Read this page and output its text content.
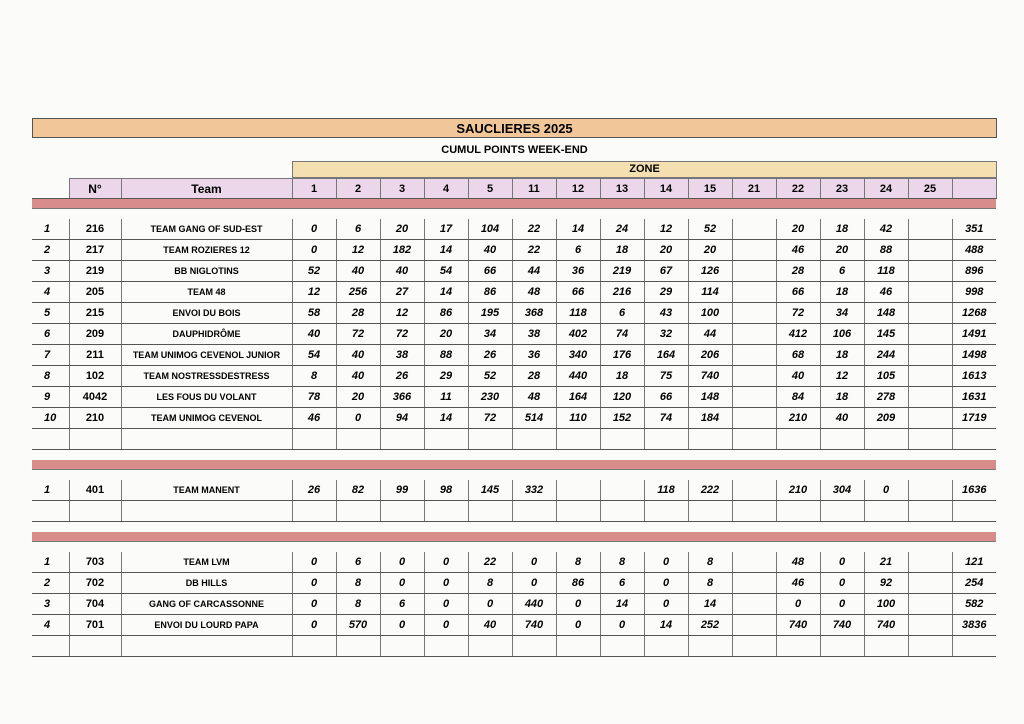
SAUCLIERES 2025
CUMUL POINTS WEEK-END
ZONE
	N°	Team	1	2	3	4	5	11	12	13	14	15	21	22	23	24	25	

1	216	TEAM GANG OF SUD-EST	0	6	20	17	104	22	14	24	12	52		20	18	42		351
2	217	TEAM ROZIERES 12	0	12	182	14	40	22	6	18	20	20		46	20	88		488
3	219	BB NIGLOTINS	52	40	40	54	66	44	36	219	67	126		28	6	118		896
4	205	TEAM 48	12	256	27	14	86	48	66	216	29	114		66	18	46		998
5	215	ENVOI DU BOIS	58	28	12	86	195	368	118	6	43	100		72	34	148		1268
6	209	DAUPHIDRÔME	40	72	72	20	34	38	402	74	32	44		412	106	145		1491
7	211	TEAM UNIMOG CEVENOL JUNIOR	54	40	38	88	26	36	340	176	164	206		68	18	244		1498
8	102	TEAM NOSTRESSDESTRESS	8	40	26	29	52	28	440	18	75	740		40	12	105		1613
9	4042	LES FOUS DU VOLANT	78	20	366	11	230	48	164	120	66	148		84	18	278		1631
10	210	TEAM UNIMOG CEVENOL	46	0	94	14	72	514	110	152	74	184		210	40	209		1719

1	401	TEAM MANENT	26	82	99	98	145	332			118	222		210	304	0		1636

1	703	TEAM LVM	0	6	0	0	22	0	8	8	0	8		48	0	21		121
2	702	DB HILLS	0	8	0	0	8	0	86	6	0	8		46	0	92		254
3	704	GANG OF CARCASSONNE	0	8	6	0	0	440	0	14	0	14		0	0	100		582
4	701	ENVOI DU LOURD PAPA	0	570	0	0	40	740	0	0	14	252		740	740	740		3836
